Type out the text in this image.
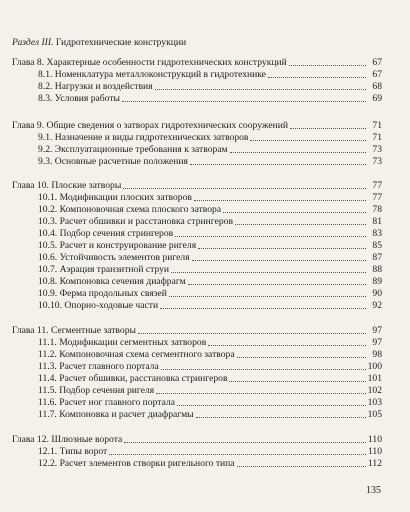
Раздел III. Гидротехнические конструкции
Глава 8. Характерные особенности гидротехнических конструкций	67
8.1. Номенклатура металлоконструкций в гидротехнике	67
8.2. Нагрузки и воздействия	68
8.3. Условия работы	69
Глава 9. Общие сведения о затворах гидротехнических сооружений	71
9.1. Назначение и виды гидротехнических затворов	71
9.2. Эксплуатационные требования к затворам	73
9.3. Основные расчетные положения	73
Глава 10. Плоские затворы	77
10.1. Модификации плоских затворов	77
10.2. Компоновочная схема плоского затвора	78
10.3. Расчет обшивки и расстановка стрингеров	81
10.4. Подбор сечения стрингеров	83
10.5. Расчет и конструирование ригеля	85
10.6. Устойчивость элементов ригеля	87
10.7. Аэрация транзитной струи	88
10.8. Компоновка сечения диафрагм	89
10.9. Ферма продольных связей	90
10.10. Опорно-ходовые части	92
Глава 11. Сегментные затворы	97
11.1. Модификации сегментных затворов	97
11.2. Компоновочная схема сегментного затвора	98
11.3. Расчет главного портала	100
11.4. Расчет обшивки, расстановка стрингеров	101
11.5. Подбор сечения ригеля	102
11.6. Расчет ног главного портала	103
11.7. Компоновка и расчет диафрагмы	105
Глава 12. Шлюзные ворота	110
12.1. Типы ворот	110
12.2. Расчет элементов створки ригельного типа	112
135
